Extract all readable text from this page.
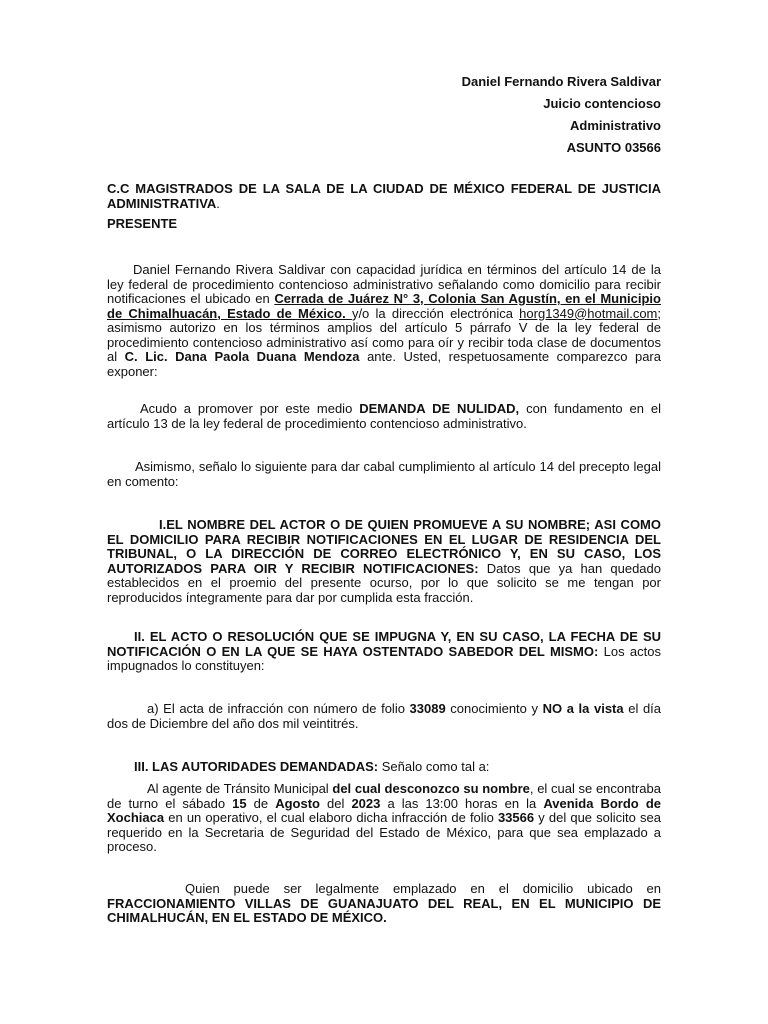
Daniel Fernando Rivera Saldivar
Juicio contencioso
Administrativo
ASUNTO 03566
C.C MAGISTRADOS DE LA SALA DE LA CIUDAD DE MÉXICO FEDERAL DE JUSTICIA ADMINISTRATIVA.
PRESENTE
Daniel Fernando Rivera Saldivar con capacidad jurídica en términos del artículo 14 de la ley federal de procedimiento contencioso administrativo señalando como domicilio para recibir notificaciones el ubicado en Cerrada de Juárez N° 3, Colonia San Agustín, en el Municipio de Chimalhuacán, Estado de México. y/o la dirección electrónica horg1349@hotmail.com; asimismo autorizo en los términos amplios del artículo 5 párrafo V de la ley federal de procedimiento contencioso administrativo así como para oír y recibir toda clase de documentos al C. Lic. Dana Paola Duana Mendoza ante. Usted, respetuosamente comparezco para exponer:
Acudo a promover por este medio DEMANDA DE NULIDAD, con fundamento en el artículo 13 de la ley federal de procedimiento contencioso administrativo.
Asimismo, señalo lo siguiente para dar cabal cumplimiento al artículo 14 del precepto legal en comento:
I.EL NOMBRE DEL ACTOR O DE QUIEN PROMUEVE A SU NOMBRE; ASI COMO EL DOMICILIO PARA RECIBIR NOTIFICACIONES EN EL LUGAR DE RESIDENCIA DEL TRIBUNAL, O LA DIRECCIÓN DE CORREO ELECTRÓNICO Y, EN SU CASO, LOS AUTORIZADOS PARA OIR Y RECIBIR NOTIFICACIONES: Datos que ya han quedado establecidos en el proemio del presente ocurso, por lo que solicito se me tengan por reproducidos íntegramente para dar por cumplida esta fracción.
II. EL ACTO O RESOLUCIÓN QUE SE IMPUGNA Y, EN SU CASO, LA FECHA DE SU NOTIFICACIÓN O EN LA QUE SE HAYA OSTENTADO SABEDOR DEL MISMO: Los actos impugnados lo constituyen:
a) El acta de infracción con número de folio 33089 conocimiento y NO a la vista el día dos de Diciembre del año dos mil veintitrés.
III. LAS AUTORIDADES DEMANDADAS: Señalo como tal a:
Al agente de Tránsito Municipal del cual desconozco su nombre, el cual se encontraba de turno el sábado 15 de Agosto del 2023 a las 13:00 horas en la Avenida Bordo de Xochiaca en un operativo, el cual elaboro dicha infracción de folio 33566 y del que solicito sea requerido en la Secretaria de Seguridad del Estado de México, para que sea emplazado a proceso.
Quien puede ser legalmente emplazado en el domicilio ubicado en FRACCIONAMIENTO VILLAS DE GUANAJUATO DEL REAL, EN EL MUNICIPIO DE CHIMALHUCÁN, EN EL ESTADO DE MÉXICO.
